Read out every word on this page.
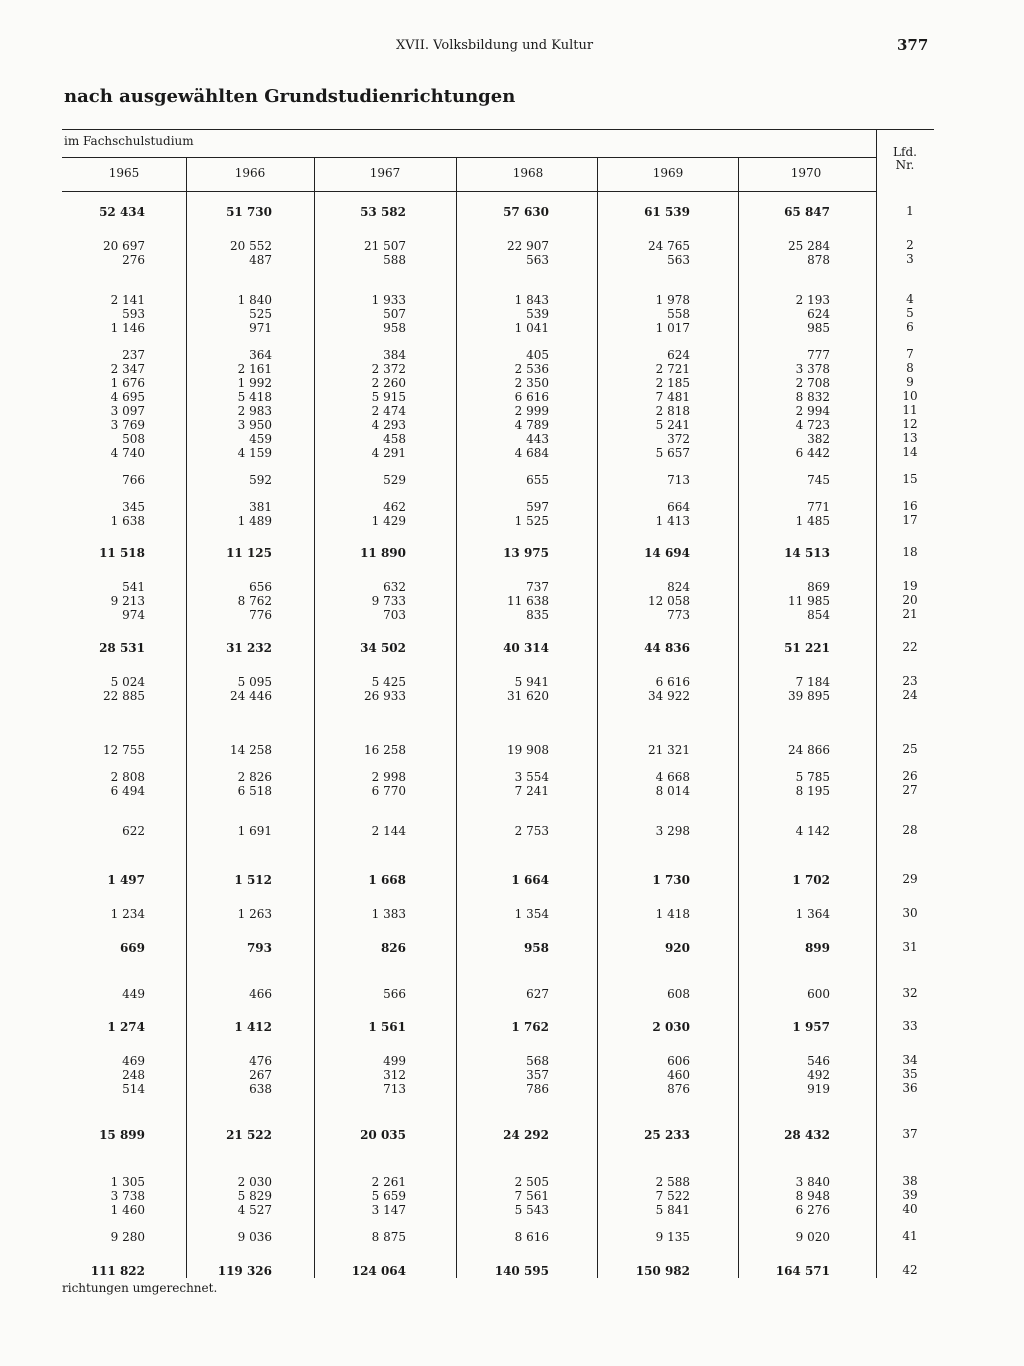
XVII. Volksbildung und Kultur	377
nach ausgewählten Grundstudienrichtungen
im Fachschulstudium
1965	1966	1967	1968	1969	1970
Lfd.
Nr.
52 434	51 730	53 582	57 630	61 539	65 847	1
20 697	20 552	21 507	22 907	24 765	25 284	2
276	487	588	563	563	878	3
2 141	1 840	1 933	1 843	1 978	2 193	4
593	525	507	539	558	624	5
1 146	971	958	1 041	1 017	985	6
237	364	384	405	624	777	7
2 347	2 161	2 372	2 536	2 721	3 378	8
1 676	1 992	2 260	2 350	2 185	2 708	9
4 695	5 418	5 915	6 616	7 481	8 832	10
3 097	2 983	2 474	2 999	2 818	2 994	11
3 769	3 950	4 293	4 789	5 241	4 723	12
508	459	458	443	372	382	13
4 740	4 159	4 291	4 684	5 657	6 442	14
766	592	529	655	713	745	15
345	381	462	597	664	771	16
1 638	1 489	1 429	1 525	1 413	1 485	17
11 518	11 125	11 890	13 975	14 694	14 513	18
541	656	632	737	824	869	19
9 213	8 762	9 733	11 638	12 058	11 985	20
974	776	703	835	773	854	21
28 531	31 232	34 502	40 314	44 836	51 221	22
5 024	5 095	5 425	5 941	6 616	7 184	23
22 885	24 446	26 933	31 620	34 922	39 895	24
12 755	14 258	16 258	19 908	21 321	24 866	25
2 808	2 826	2 998	3 554	4 668	5 785	26
6 494	6 518	6 770	7 241	8 014	8 195	27
622	1 691	2 144	2 753	3 298	4 142	28
1 497	1 512	1 668	1 664	1 730	1 702	29
1 234	1 263	1 383	1 354	1 418	1 364	30
669	793	826	958	920	899	31
449	466	566	627	608	600	32
1 274	1 412	1 561	1 762	2 030	1 957	33
469	476	499	568	606	546	34
248	267	312	357	460	492	35
514	638	713	786	876	919	36
15 899	21 522	20 035	24 292	25 233	28 432	37
1 305	2 030	2 261	2 505	2 588	3 840	38
3 738	5 829	5 659	7 561	7 522	8 948	39
1 460	4 527	3 147	5 543	5 841	6 276	40
9 280	9 036	8 875	8 616	9 135	9 020	41
111 822	119 326	124 064	140 595	150 982	164 571	42
richtungen umgerechnet.
